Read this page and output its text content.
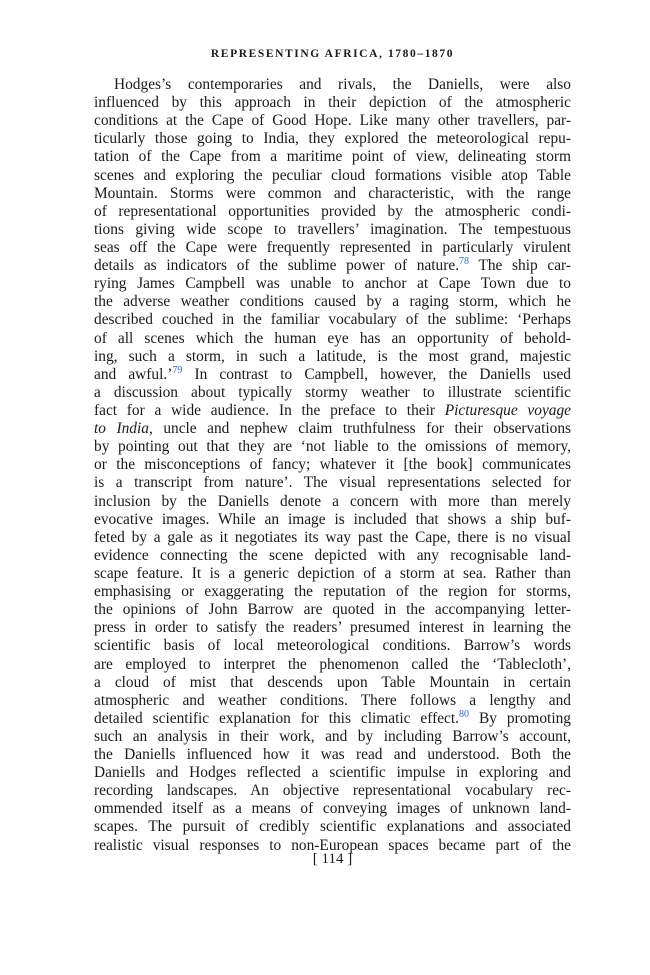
REPRESENTING AFRICA, 1780–1870
Hodges’s contemporaries and rivals, the Daniells, were also
influenced by this approach in their depiction of the atmospheric
conditions at the Cape of Good Hope. Like many other travellers, par-
ticularly those going to India, they explored the meteorological repu-
tation of the Cape from a maritime point of view, delineating storm
scenes and exploring the peculiar cloud formations visible atop Table
Mountain. Storms were common and characteristic, with the range
of representational opportunities provided by the atmospheric condi-
tions giving wide scope to travellers’ imagination. The tempestuous
seas off the Cape were frequently represented in particularly virulent
details as indicators of the sublime power of nature.$^{78}$ The ship car-
rying James Campbell was unable to anchor at Cape Town due to
the adverse weather conditions caused by a raging storm, which he
described couched in the familiar vocabulary of the sublime: ‘Perhaps
of all scenes which the human eye has an opportunity of behold-
ing, such a storm, in such a latitude, is the most grand, majestic
and awful.’$^{79}$ In contrast to Campbell, however, the Daniells used
a discussion about typically stormy weather to illustrate scientific
fact for a wide audience. In the preface to their Picturesque voyage
to India, uncle and nephew claim truthfulness for their observations
by pointing out that they are ‘not liable to the omissions of memory,
or the misconceptions of fancy; whatever it [the book] communicates
is a transcript from nature’. The visual representations selected for
inclusion by the Daniells denote a concern with more than merely
evocative images. While an image is included that shows a ship buf-
feted by a gale as it negotiates its way past the Cape, there is no visual
evidence connecting the scene depicted with any recognisable land-
scape feature. It is a generic depiction of a storm at sea. Rather than
emphasising or exaggerating the reputation of the region for storms,
the opinions of John Barrow are quoted in the accompanying letter-
press in order to satisfy the readers’ presumed interest in learning the
scientific basis of local meteorological conditions. Barrow’s words
are employed to interpret the phenomenon called the ‘Tablecloth’,
a cloud of mist that descends upon Table Mountain in certain
atmospheric and weather conditions. There follows a lengthy and
detailed scientific explanation for this climatic effect.$^{80}$ By promoting
such an analysis in their work, and by including Barrow’s account,
the Daniells influenced how it was read and understood. Both the
Daniells and Hodges reflected a scientific impulse in exploring and
recording landscapes. An objective representational vocabulary rec-
ommended itself as a means of conveying images of unknown land-
scapes. The pursuit of credibly scientific explanations and associated
realistic visual responses to non-European spaces became part of the
[ 114 ]
